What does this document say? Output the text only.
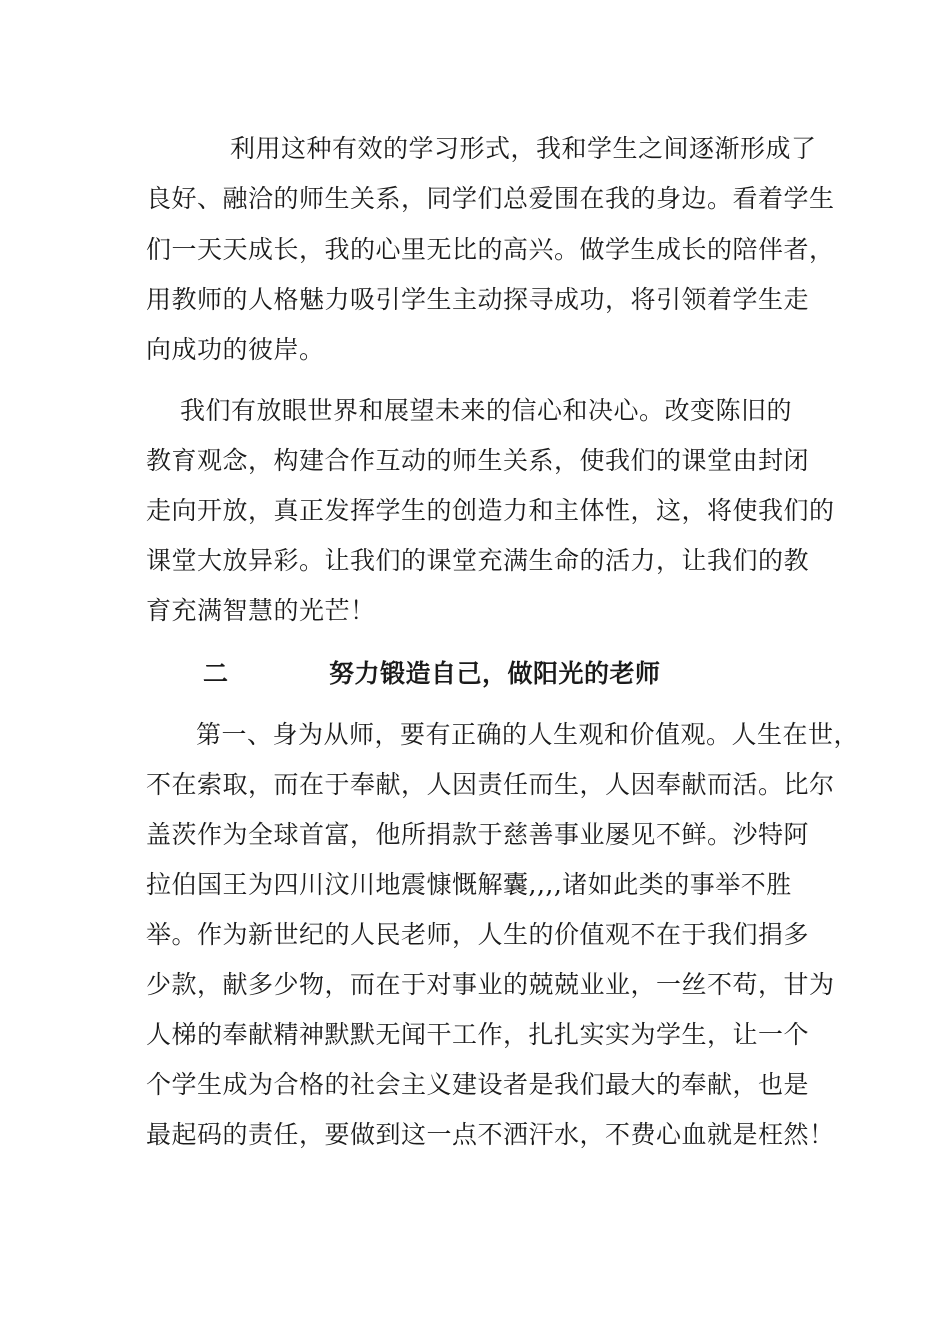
利用这种有效的学习形式，我和学生之间逐渐形成了
良好、融洽的师生关系，同学们总爱围在我的身边。看着学生
们一天天成长，我的心里无比的高兴。做学生成长的陪伴者，
用教师的人格魅力吸引学生主动探寻成功，将引领着学生走
向成功的彼岸。
我们有放眼世界和展望未来的信心和决心。改变陈旧的
教育观念，构建合作互动的师生关系，使我们的课堂由封闭
走向开放，真正发挥学生的创造力和主体性，这，将使我们的
课堂大放异彩。让我们的课堂充满生命的活力，让我们的教
育充满智慧的光芒！
二	努力锻造自己，做阳光的老师
第一、身为从师，要有正确的人生观和价值观。人生在世，
不在索取，而在于奉献，人因责任而生，人因奉献而活。比尔
盖茨作为全球首富，他所捐款于慈善事业屡见不鲜。沙特阿
拉伯国王为四川汶川地震慷慨解囊,,,,诸如此类的事举不胜
举。作为新世纪的人民老师，人生的价值观不在于我们捐多
少款，献多少物，而在于对事业的兢兢业业，一丝不苟，甘为
人梯的奉献精神默默无闻干工作，扎扎实实为学生，让一个
个学生成为合格的社会主义建设者是我们最大的奉献，也是
最起码的责任，要做到这一点不洒汗水，不费心血就是枉然！
